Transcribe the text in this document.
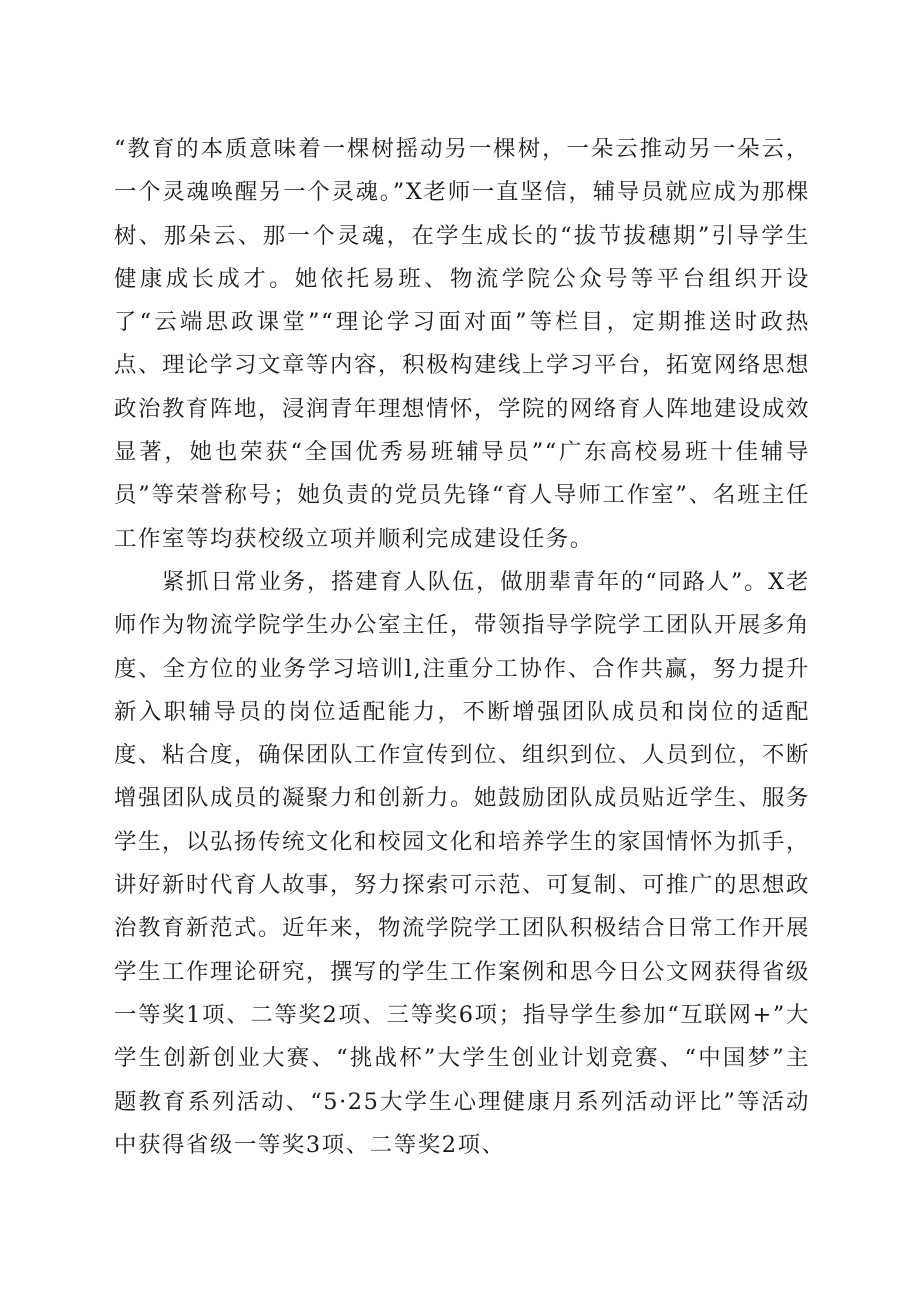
“教育的本质意味着一棵树摇动另一棵树，一朵云推动另一朵云，一个灵魂唤醒另一个灵魂。”X老师一直坚信，辅导员就应成为那棵树、那朵云、那一个灵魂，在学生成长的“拔节拔穗期”引导学生健康成长成才。她依托易班、物流学院公众号等平台组织开设了“云端思政课堂”“理论学习面对面”等栏目，定期推送时政热点、理论学习文章等内容，积极构建线上学习平台，拓宽网络思想政治教育阵地，浸润青年理想情怀，学院的网络育人阵地建设成效显著，她也荣获“全国优秀易班辅导员”“广东高校易班十佳辅导员”等荣誉称号；她负责的党员先锋“育人导师工作室”、名班主任工作室等均获校级立项并顺利完成建设任务。

紧抓日常业务，搭建育人队伍，做朋辈青年的“同路人”。X老师作为物流学院学生办公室主任，带领指导学院学工团队开展多角度、全方位的业务学习培训l,注重分工协作、合作共赢，努力提升新入职辅导员的岗位适配能力，不断增强团队成员和岗位的适配度、粘合度，确保团队工作宣传到位、组织到位、人员到位，不断增强团队成员的凝聚力和创新力。她鼓励团队成员贴近学生、服务学生，以弘扬传统文化和校园文化和培养学生的家国情怀为抓手，讲好新时代育人故事，努力探索可示范、可复制、可推广的思想政治教育新范式。近年来，物流学院学工团队积极结合日常工作开展学生工作理论研究，撰写的学生工作案例和思今日公文网获得省级一等奖1项、二等奖2项、三等奖6项；指导学生参加“互联网+”大学生创新创业大赛、“挑战杯”大学生创业计划竞赛、“中国梦”主题教育系列活动、“5·25大学生心理健康月系列活动评比”等活动中获得省级一等奖3项、二等奖2项、
